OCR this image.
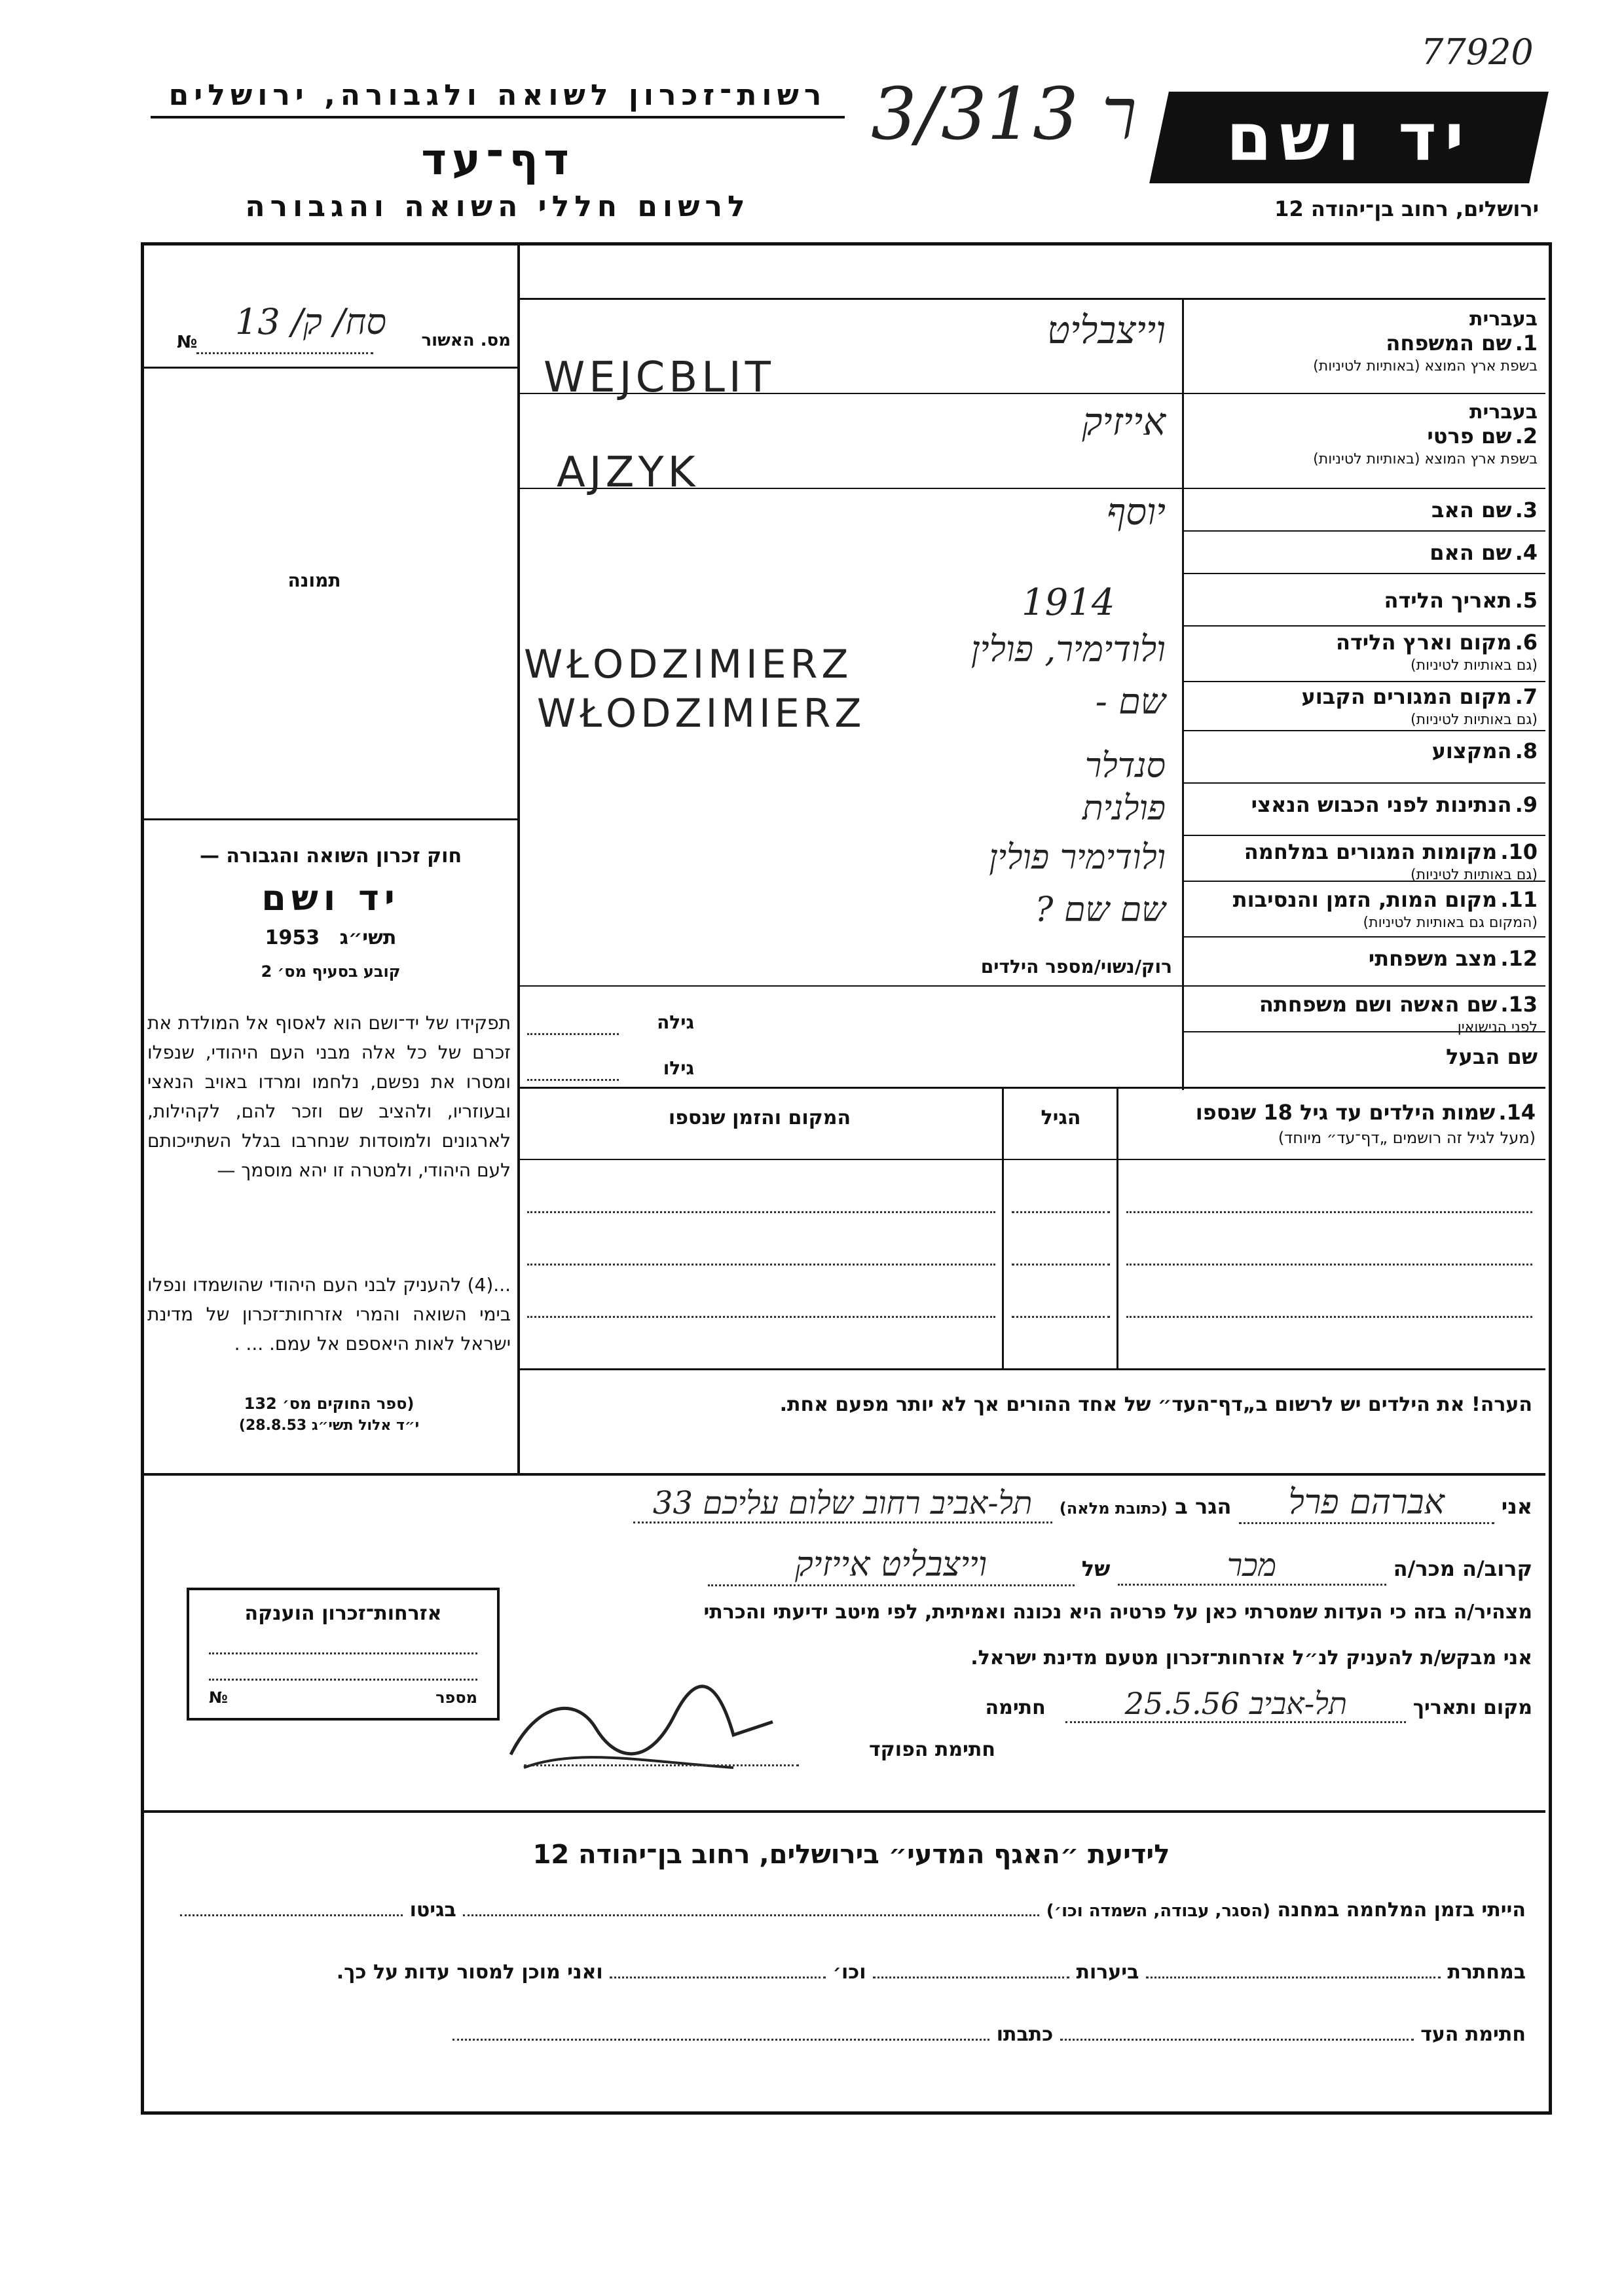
77920
רשות־זכרון לשואה ולגבורה, ירושלים
דף־עד
לרשום חללי השואה והגבורה
ר 3/313	יד ושם
ירושלים, רחוב בן־יהודה 12
מס. האשור
№	סח/ ק/ 13
תמונה
חוק זכרון השואה והגבורה —
יד ושם
תשי״ג 1953
קובע בסעיף מס׳ 2
תפקידו של יד־ושם הוא לאסוף אל המולדת את זכרם של כל אלה מבני העם היהודי, שנפלו ומסרו את נפשם, נלחמו ומרדו באויב הנאצי ובעוזריו, ולהציב שם וזכר להם, לקהילות, לארגונים ולמוסדות שנחרבו בגלל השתייכותם לעם היהודי, ולמטרה זו יהא מוסמך —
...(4) להעניק לבני העם היהודי שהושמדו ונפלו בימי השואה והמרי אזרחות־זכרון של מדינת ישראל לאות היאספם אל עמם. ... .
(ספר החוקים מס׳ 132
י״ד אלול תשי״ג 28.8.53)
בעברית
1. שם המשפחה
בשפת ארץ המוצא (באותיות לטיניות)
וייצבליט
WEJCBLIT
בעברית
2. שם פרטי
בשפת ארץ המוצא (באותיות לטיניות)
אייזיק
AJZYK
3. שם האב
יוסף
4. שם האם
5. תאריך הלידה
1914
6. מקום וארץ הלידה
(גם באותיות לטיניות)
ולודימיר, פולין
WŁODZIMIERZ
7. מקום המגורים הקבוע
(גם באותיות לטיניות)
שם -
WŁODZIMIERZ
8. המקצוע
סנדלר
9. הנתינות לפני הכבוש הנאצי
פולנית
10. מקומות המגורים במלחמה
(גם באותיות לטיניות)
ולודימיר פולין
11. מקום המות, הזמן והנסיבות
(המקום גם באותיות לטיניות)
שם שם ?
12. מצב משפחתי
רוק/נשוי/מספר הילדים
13. שם האשה ושם משפחתה
לפני הנישואין
גילה
שם הבעל
גילו
14. שמות הילדים עד גיל 18 שנספו
(מעל לגיל זה רושמים „דף־עד״ מיוחד)
הגיל
המקום והזמן שנספו
הערה! את הילדים יש לרשום ב„דף־העד״ של אחד ההורים אך לא יותר מפעם אחת.
אני אברהם פרל הגר ב (כתובת מלאה) תל-אביב רחוב שלום עליכם 33
קרוב/ה מכר/ה מכר של וייצבליט אייזיק
מצהיר/ה בזה כי העדות שמסרתי כאן על פרטיה היא נכונה ואמיתית, לפי מיטב ידיעתי והכרתי
אני מבקש/ת להעניק לנ״ל אזרחות־זכרון מטעם מדינת ישראל.
מקום ותאריך תל-אביב 25.5.56 חתימה
חתימת הפוקד
אזרחות־זכרון הוענקה
מספר
№
לידיעת ״האגף המדעי״ בירושלים, רחוב בן־יהודה 12
הייתי בזמן המלחמה במחנה (הסגר, עבודה, השמדה וכו׳)  בגיטו
במחתרת  ביערות  וכו׳  ואני מוכן למסור עדות על כך.
חתימת העד  כתבתו
